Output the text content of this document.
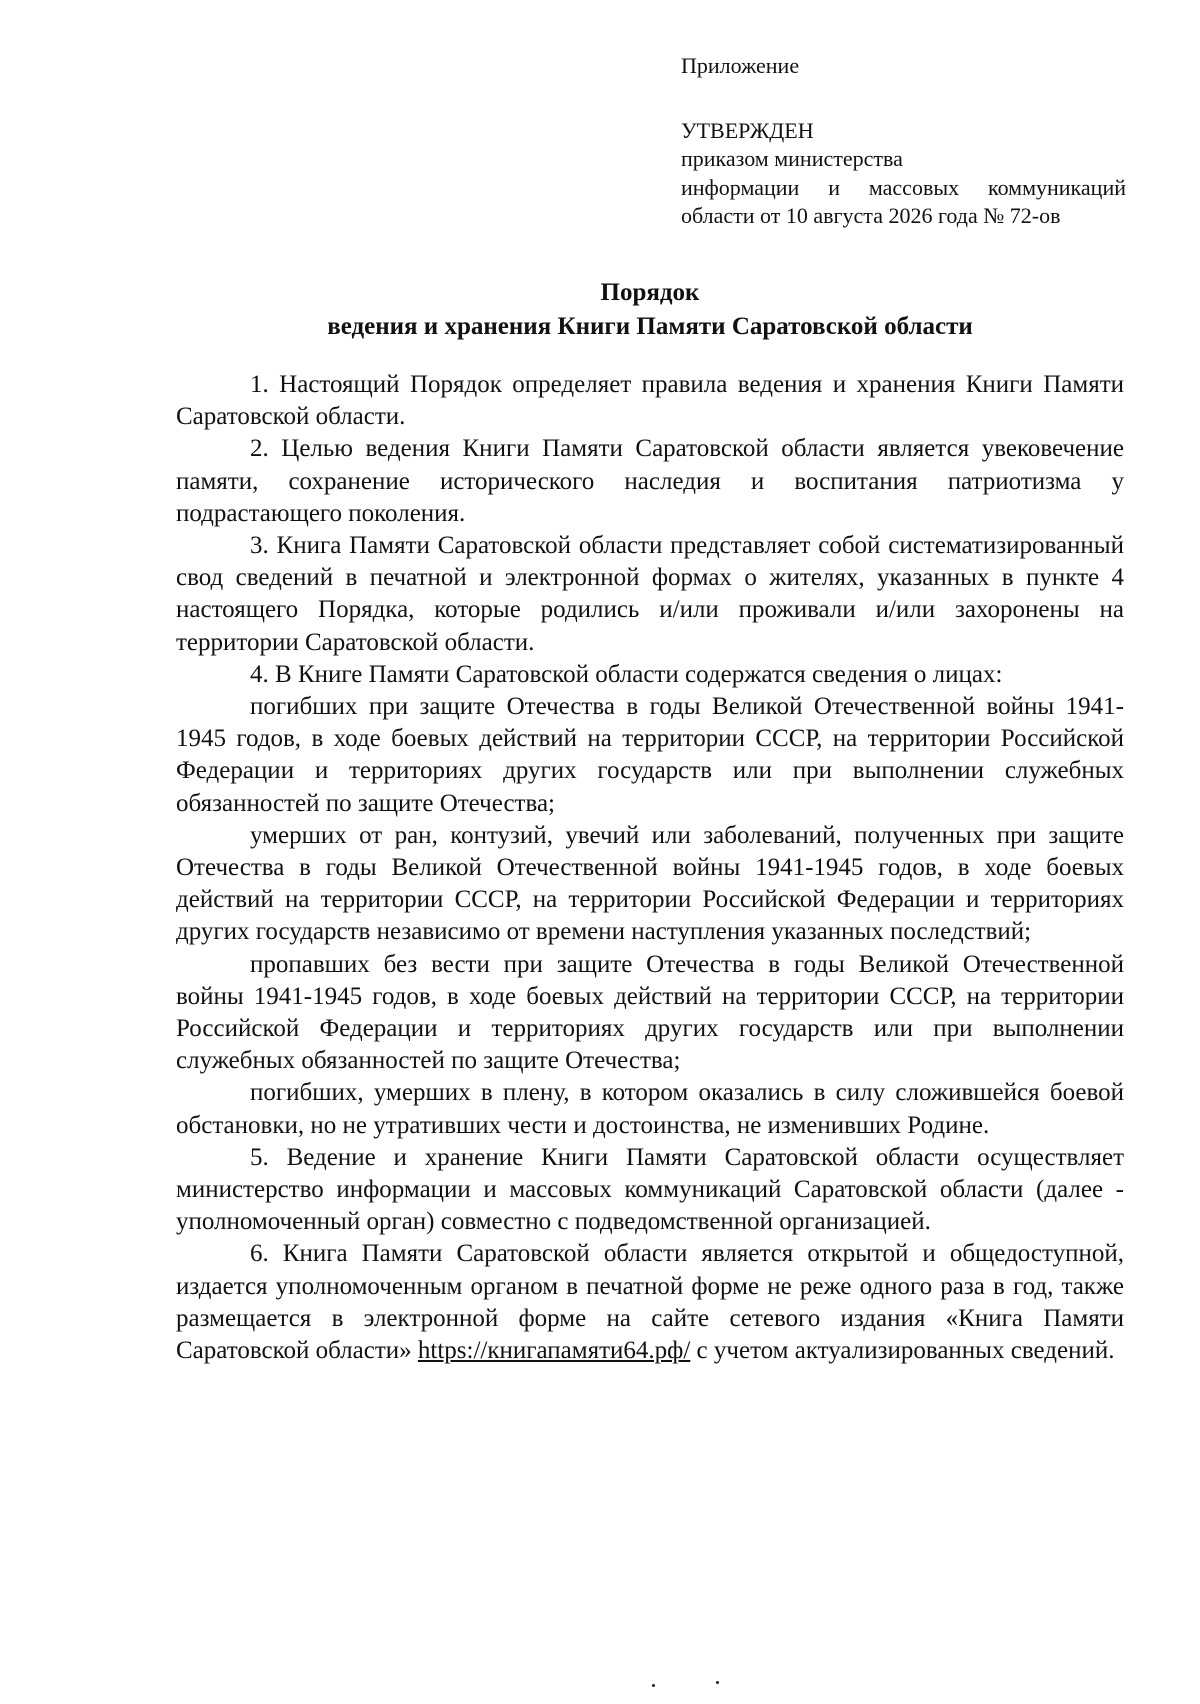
Приложение
УТВЕРЖДЕН
приказом министерства
информации и массовых коммуникаций
области от 10 августа 2026 года № 72-ов
Порядок
ведения и хранения Книги Памяти Саратовской области

1. Настоящий Порядок определяет правила ведения и хранения Книги Памяти Саратовской области.

2. Целью ведения Книги Памяти Саратовской области является увековечение памяти, сохранение исторического наследия и воспитания патриотизма у подрастающего поколения.

3. Книга Памяти Саратовской области представляет собой систематизированный свод сведений в печатной и электронной формах о жителях, указанных в пункте 4 настоящего Порядка, которые родились и/или проживали и/или захоронены на территории Саратовской области.

4. В Книге Памяти Саратовской области содержатся сведения о лицах:

погибших при защите Отечества в годы Великой Отечественной войны 1941-1945 годов, в ходе боевых действий на территории СССР, на территории Российской Федерации и территориях других государств или при выполнении служебных обязанностей по защите Отечества;

умерших от ран, контузий, увечий или заболеваний, полученных при защите Отечества в годы Великой Отечественной войны 1941-1945 годов, в ходе боевых действий на территории СССР, на территории Российской Федерации и территориях других государств независимо от времени наступления указанных последствий;

пропавших без вести при защите Отечества в годы Великой Отечественной войны 1941-1945 годов, в ходе боевых действий на территории СССР, на территории Российской Федерации и территориях других государств или при выполнении служебных обязанностей по защите Отечества;

погибших, умерших в плену, в котором оказались в силу сложившейся боевой обстановки, но не утративших чести и достоинства, не изменивших Родине.

5. Ведение и хранение Книги Памяти Саратовской области осуществляет министерство информации и массовых коммуникаций Саратовской области (далее - уполномоченный орган) совместно с подведомственной организацией.

6. Книга Памяти Саратовской области является открытой и общедоступной, издается уполномоченным органом в печатной форме не реже одного раза в год, также размещается в электронной форме на сайте сетевого издания «Книга Памяти Саратовской области» https://книгапамяти64.рф/ с учетом актуализированных сведений.
